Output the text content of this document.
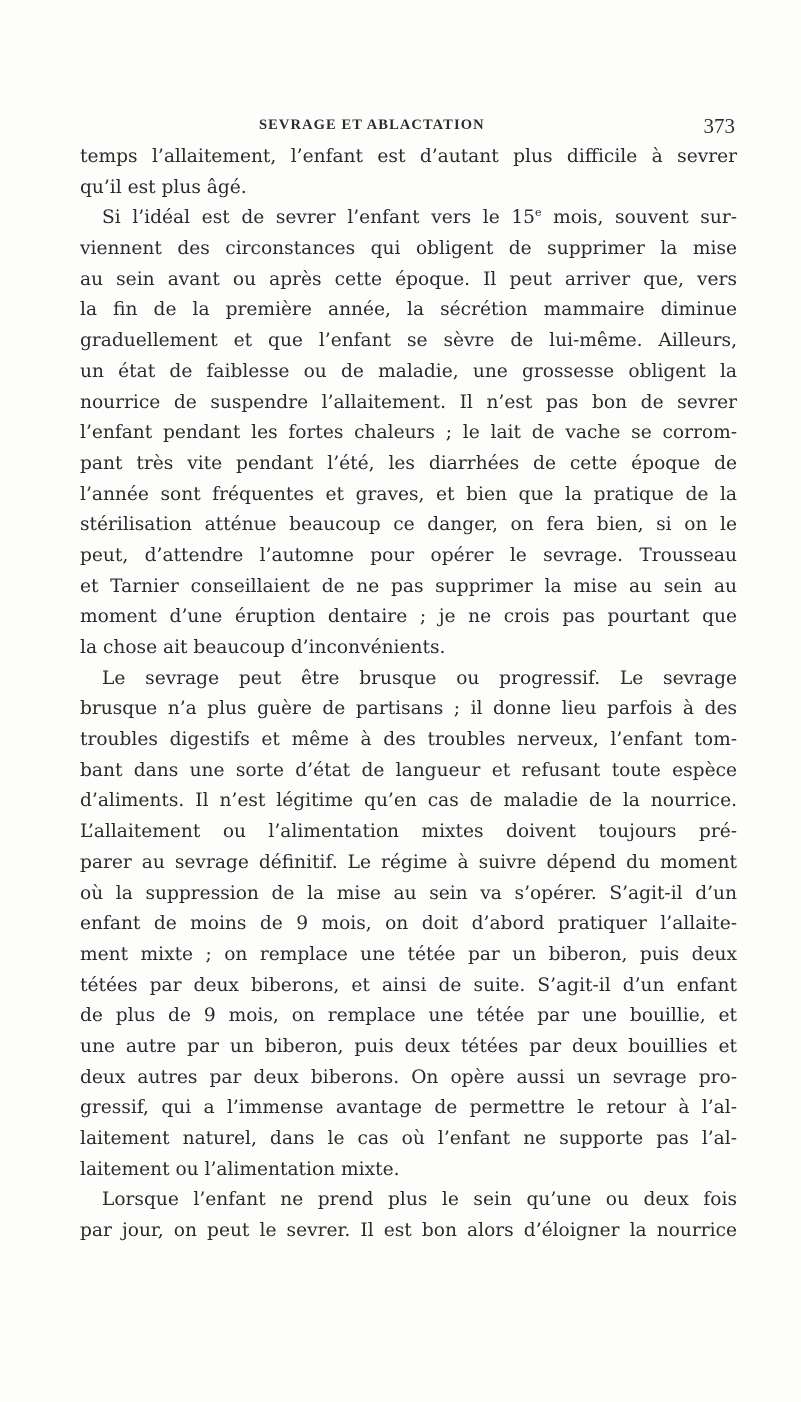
SEVRAGE ET ABLACTATION	373
temps l’allaitement, l’enfant est d’autant plus difficile à sevrer
qu’il est plus âgé.
Si l’idéal est de sevrer l’enfant vers le 15e mois, souvent sur-
viennent des circonstances qui obligent de supprimer la mise
au sein avant ou après cette époque. Il peut arriver que, vers
la fin de la première année, la sécrétion mammaire diminue
graduellement et que l’enfant se sèvre de lui-même. Ailleurs,
un état de faiblesse ou de maladie, une grossesse obligent la
nourrice de suspendre l’allaitement. Il n’est pas bon de sevrer
l’enfant pendant les fortes chaleurs ; le lait de vache se corrom-
pant très vite pendant l’été, les diarrhées de cette époque de
l’année sont fréquentes et graves, et bien que la pratique de la
stérilisation atténue beaucoup ce danger, on fera bien, si on le
peut, d’attendre l’automne pour opérer le sevrage. Trousseau
et Tarnier conseillaient de ne pas supprimer la mise au sein au
moment d’une éruption dentaire ; je ne crois pas pourtant que
la chose ait beaucoup d’inconvénients.
Le sevrage peut être brusque ou progressif. Le sevrage
brusque n’a plus guère de partisans ; il donne lieu parfois à des
troubles digestifs et même à des troubles nerveux, l’enfant tom-
bant dans une sorte d’état de langueur et refusant toute espèce
d’aliments. Il n’est légitime qu’en cas de maladie de la nourrice.
L’allaitement ou l’alimentation mixtes doivent toujours pré-
parer au sevrage définitif. Le régime à suivre dépend du moment
où la suppression de la mise au sein va s’opérer. S’agit-il d’un
enfant de moins de 9 mois, on doit d’abord pratiquer l’allaite-
ment mixte ; on remplace une tétée par un biberon, puis deux
tétées par deux biberons, et ainsi de suite. S’agit-il d’un enfant
de plus de 9 mois, on remplace une tétée par une bouillie, et
une autre par un biberon, puis deux tétées par deux bouillies et
deux autres par deux biberons. On opère aussi un sevrage pro-
gressif, qui a l’immense avantage de permettre le retour à l’al-
laitement naturel, dans le cas où l’enfant ne supporte pas l’al-
laitement ou l’alimentation mixte.
Lorsque l’enfant ne prend plus le sein qu’une ou deux fois
par jour, on peut le sevrer. Il est bon alors d’éloigner la nourrice
